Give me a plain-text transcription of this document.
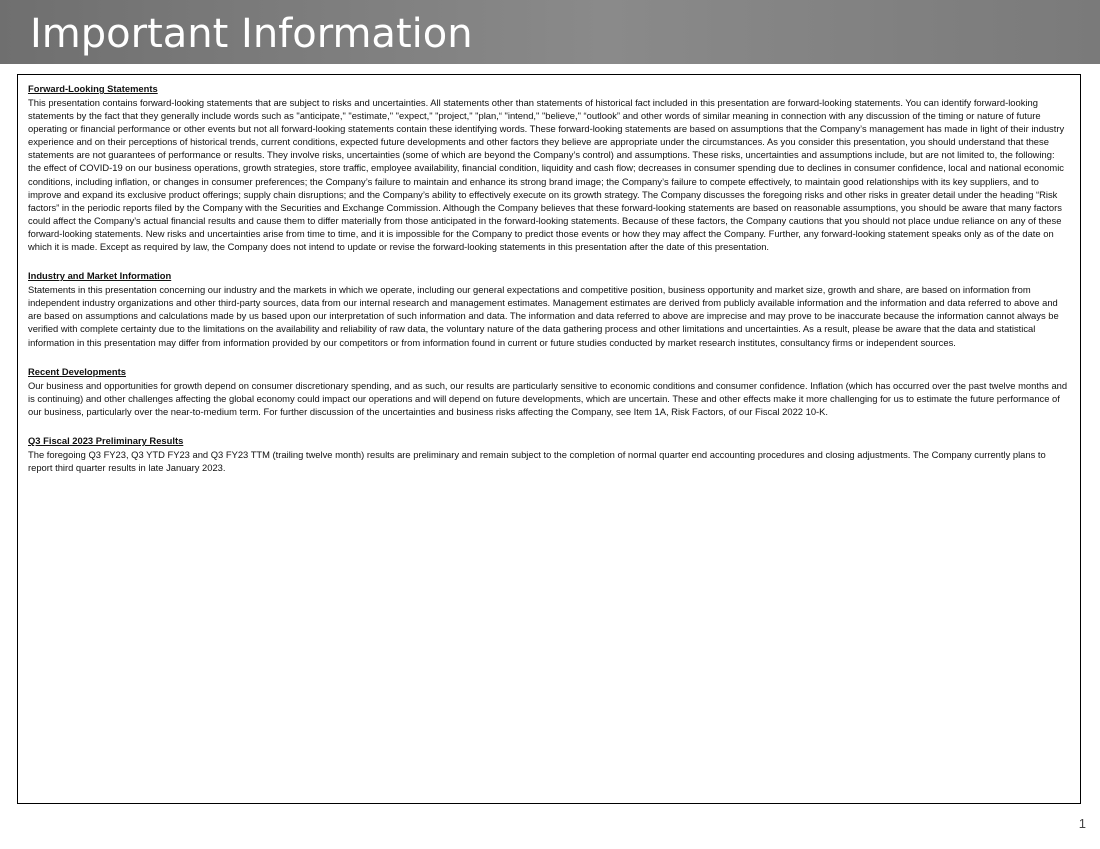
Important Information
Forward-Looking Statements

This presentation contains forward-looking statements that are subject to risks and uncertainties. All statements other than statements of historical fact included in this presentation are forward-looking statements. You can identify forward-looking statements by the fact that they generally include words such as "anticipate," "estimate," "expect," "project," "plan,“ "intend," "believe," “outlook” and other words of similar meaning in connection with any discussion of the timing or nature of future operating or financial performance or other events but not all forward-looking statements contain these identifying words. These forward-looking statements are based on assumptions that the Company’s management has made in light of their industry experience and on their perceptions of historical trends, current conditions, expected future developments and other factors they believe are appropriate under the circumstances. As you consider this presentation, you should understand that these statements are not guarantees of performance or results. They involve risks, uncertainties (some of which are beyond the Company’s control) and assumptions. These risks, uncertainties and assumptions include, but are not limited to, the following: the effect of COVID-19 on our business operations, growth strategies, store traffic, employee availability, financial condition, liquidity and cash flow; decreases in consumer spending due to declines in consumer confidence, local and national economic conditions, including inflation, or changes in consumer preferences; the Company’s failure to maintain and enhance its strong brand image; the Company’s failure to compete effectively, to maintain good relationships with its key suppliers, and to improve and expand its exclusive product offerings; supply chain disruptions; and the Company’s ability to effectively execute on its growth strategy. The Company discusses the foregoing risks and other risks in greater detail under the heading “Risk factors” in the periodic reports filed by the Company with the Securities and Exchange Commission. Although the Company believes that these forward-looking statements are based on reasonable assumptions, you should be aware that many factors could affect the Company’s actual financial results and cause them to differ materially from those anticipated in the forward-looking statements. Because of these factors, the Company cautions that you should not place undue reliance on any of these forward-looking statements. New risks and uncertainties arise from time to time, and it is impossible for the Company to predict those events or how they may affect the Company. Further, any forward-looking statement speaks only as of the date on which it is made. Except as required by law, the Company does not intend to update or revise the forward-looking statements in this presentation after the date of this presentation.

Industry and Market Information

Statements in this presentation concerning our industry and the markets in which we operate, including our general expectations and competitive position, business opportunity and market size, growth and share, are based on information from independent industry organizations and other third-party sources, data from our internal research and management estimates. Management estimates are derived from publicly available information and the information and data referred to above and are based on assumptions and calculations made by us based upon our interpretation of such information and data. The information and data referred to above are imprecise and may prove to be inaccurate because the information cannot always be verified with complete certainty due to the limitations on the availability and reliability of raw data, the voluntary nature of the data gathering process and other limitations and uncertainties. As a result, please be aware that the data and statistical information in this presentation may differ from information provided by our competitors or from information found in current or future studies conducted by market research institutes, consultancy firms or independent sources.

Recent Developments

Our business and opportunities for growth depend on consumer discretionary spending, and as such, our results are particularly sensitive to economic conditions and consumer confidence. Inflation (which has occurred over the past twelve months and is continuing) and other challenges affecting the global economy could impact our operations and will depend on future developments, which are uncertain. These and other effects make it more challenging for us to estimate the future performance of our business, particularly over the near-to-medium term. For further discussion of the uncertainties and business risks affecting the Company, see Item 1A, Risk Factors, of our Fiscal 2022 10-K.

Q3 Fiscal 2023 Preliminary Results

The foregoing Q3 FY23, Q3 YTD FY23 and Q3 FY23 TTM (trailing twelve month) results are preliminary and remain subject to the completion of normal quarter end accounting procedures and closing adjustments. The Company currently plans to report third quarter results in late January 2023.

1
